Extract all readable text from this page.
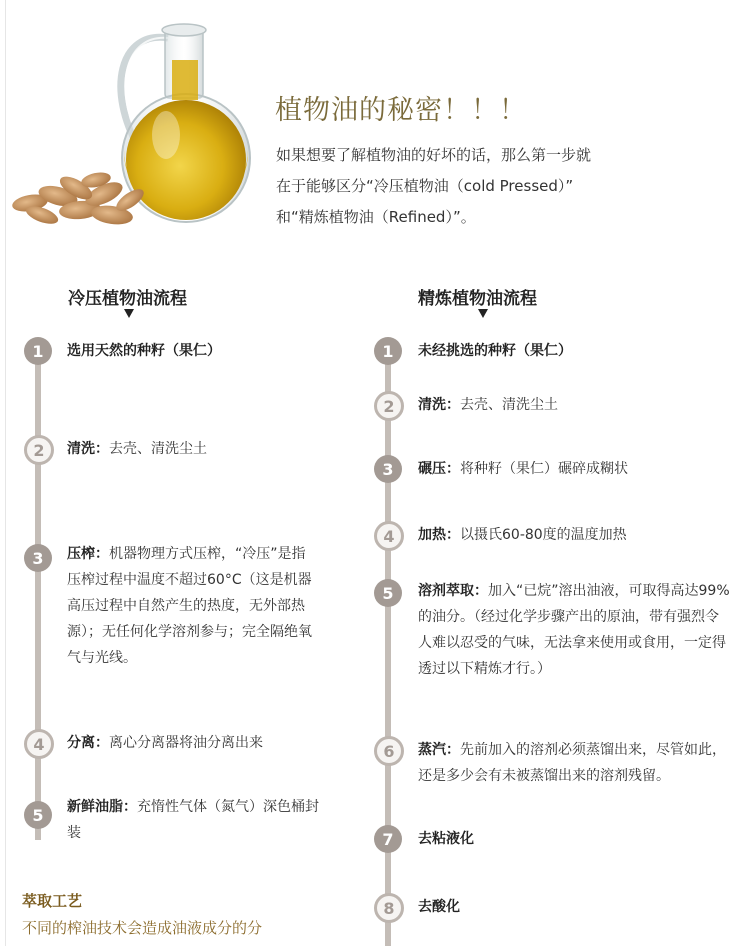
植物油的秘密！！！
如果想要了解植物油的好坏的话，那么第一步就
在于能够区分“冷压植物油（cold Pressed）”
和“精炼植物油（Refined）”。
冷压植物油流程	精炼植物油流程
1	选用天然的种籽（果仁）
2	清洗：去壳、清洗尘土
3	压榨：机器物理方式压榨，“冷压”是指压榨过程中温度不超过60°C（这是机器高压过程中自然产生的热度，无外部热源）；无任何化学溶剂参与；完全隔绝氧气与光线。
4	分离：离心分离器将油分离出来
5	新鲜油脂：充惰性气体（氮气）深色桶封装
1	未经挑选的种籽（果仁）
2	清洗：去壳、清洗尘土
3	碾压：将种籽（果仁）碾碎成糊状
4	加热：以摄氏60-80度的温度加热
5	溶剂萃取：加入“已烷”溶出油液，可取得高达99%的油分。（经过化学步骤产出的原油，带有强烈令人难以忍受的气味，无法拿来使用或食用，一定得透过以下精炼才行。）
6	蒸汽：先前加入的溶剂必须蒸馏出来，尽管如此，还是多少会有未被蒸馏出来的溶剂残留。
7	去粘液化
8	去酸化
萃取工艺
不同的榨油技术会造成油液成分的分
